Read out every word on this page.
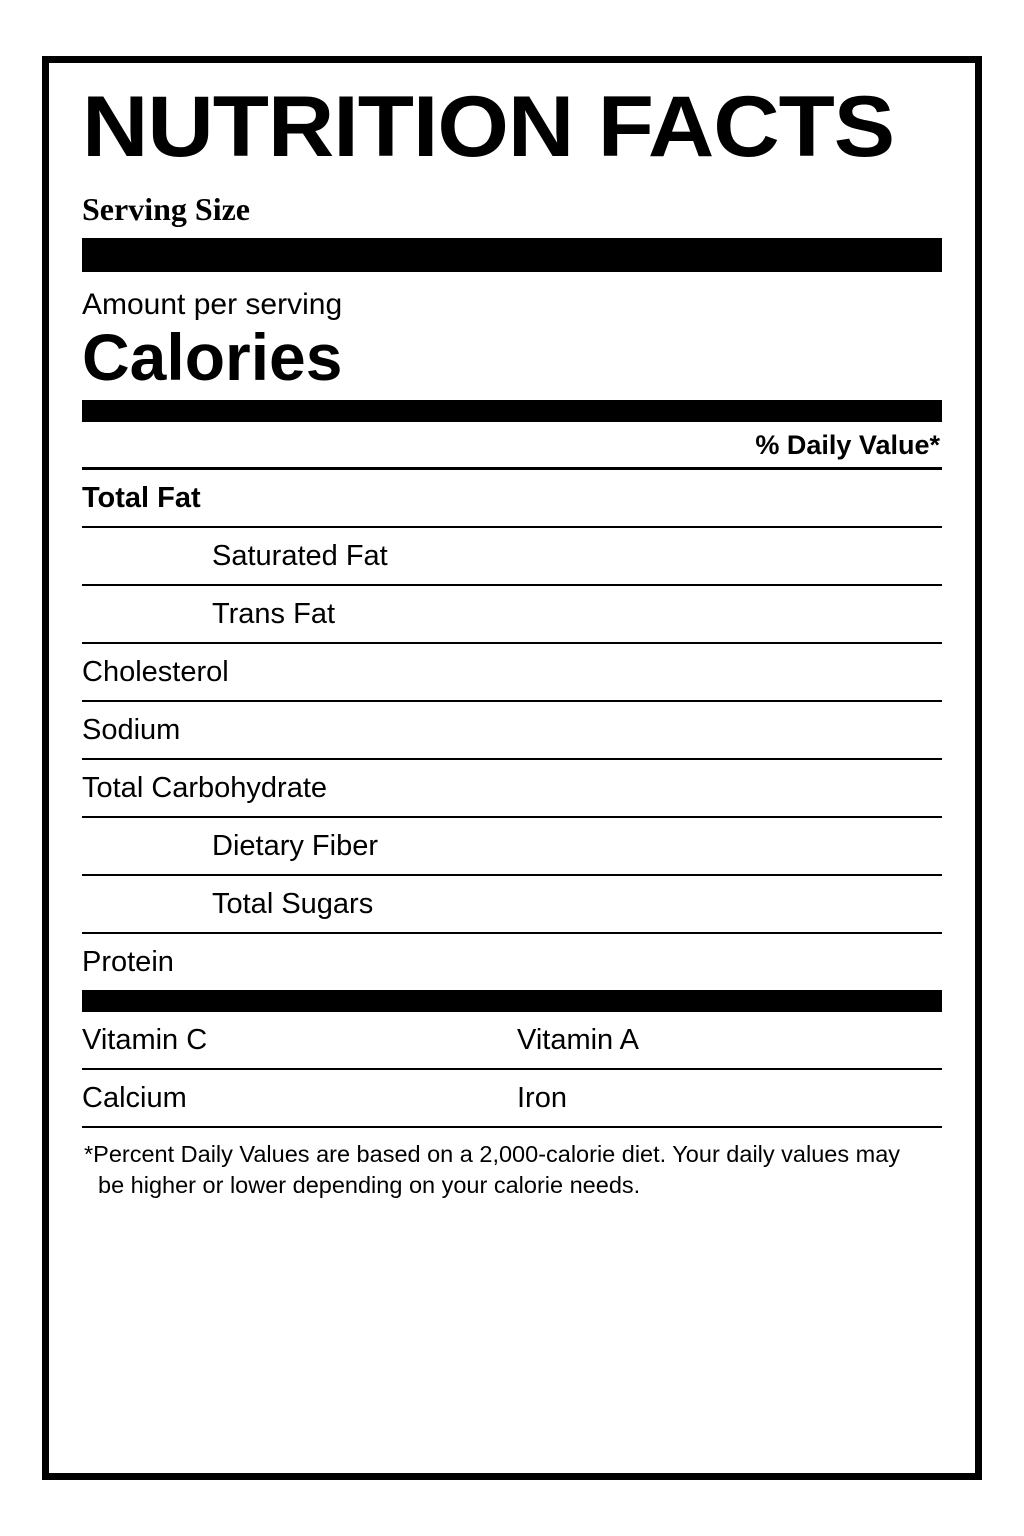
NUTRITION FACTS
Serving Size
Amount per serving
Calories
% Daily Value*
Total Fat
Saturated Fat
Trans Fat
Cholesterol
Sodium
Total Carbohydrate
Dietary Fiber
Total Sugars
Protein
Vitamin C	Vitamin A
Calcium	Iron
*Percent Daily Values are based on a 2,000-calorie diet. Your daily values may
be higher or lower depending on your calorie needs.
